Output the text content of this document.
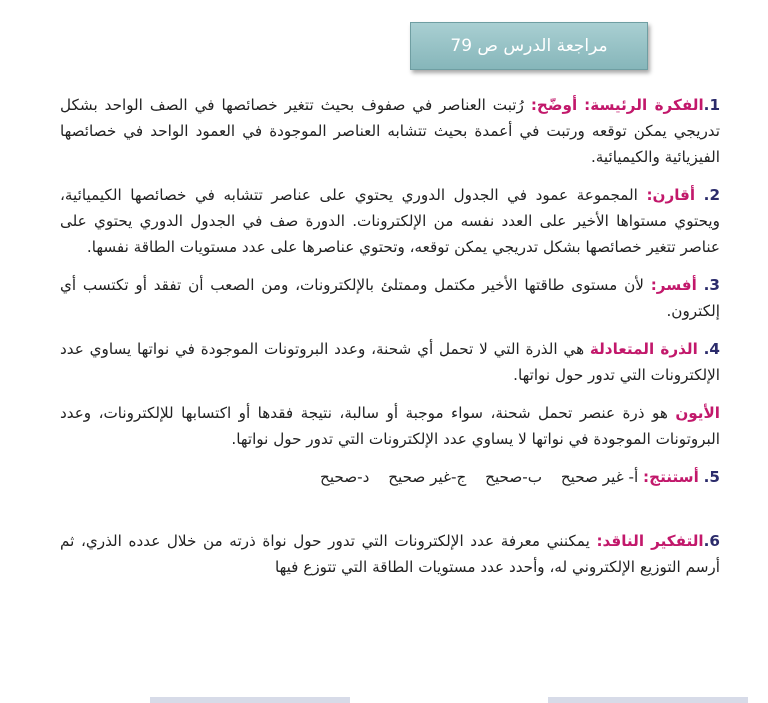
مراجعة الدرس ص 79

1.الفكرة الرئيسة: أوضّح: رُتبت العناصر في صفوف بحيث تتغير خصائصها في الصف الواحد بشكل تدريجي يمكن توقعه ورتبت في أعمدة بحيث تتشابه العناصر الموجودة في العمود الواحد في خصائصها الفيزيائية والكيميائية.

2. أقارن: المجموعة عمود في الجدول الدوري يحتوي على عناصر تتشابه في خصائصها الكيميائية، ويحتوي مستواها الأخير على العدد نفسه من الإلكترونات. الدورة صف في الجدول الدوري يحتوي على عناصر تتغير خصائصها بشكل تدريجي يمكن توقعه، وتحتوي عناصرها على عدد مستويات الطاقة نفسها.

3. أفسر: لأن مستوى طاقتها الأخير مكتمل وممتلئ بالإلكترونات، ومن الصعب أن تفقد أو تكتسب أي إلكترون.

4. الذرة المتعادلة هي الذرة التي لا تحمل أي شحنة، وعدد البروتونات الموجودة في نواتها يساوي عدد الإلكترونات التي تدور حول نواتها.

الأيون هو ذرة عنصر تحمل شحنة، سواء موجبة أو سالبة، نتيجة فقدها أو اكتسابها للإلكترونات، وعدد البروتونات الموجودة في نواتها لا يساوي عدد الإلكترونات التي تدور حول نواتها.

5. أستنتج: أ- غير صحيح ب-صحيح ج-غير صحيح د-صحيح

6.التفكير الناقد: يمكنني معرفة عدد الإلكترونات التي تدور حول نواة ذرته من خلال عدده الذري، ثم أرسم التوزيع الإلكتروني له، وأحدد عدد مستويات الطاقة التي تتوزع فيها
